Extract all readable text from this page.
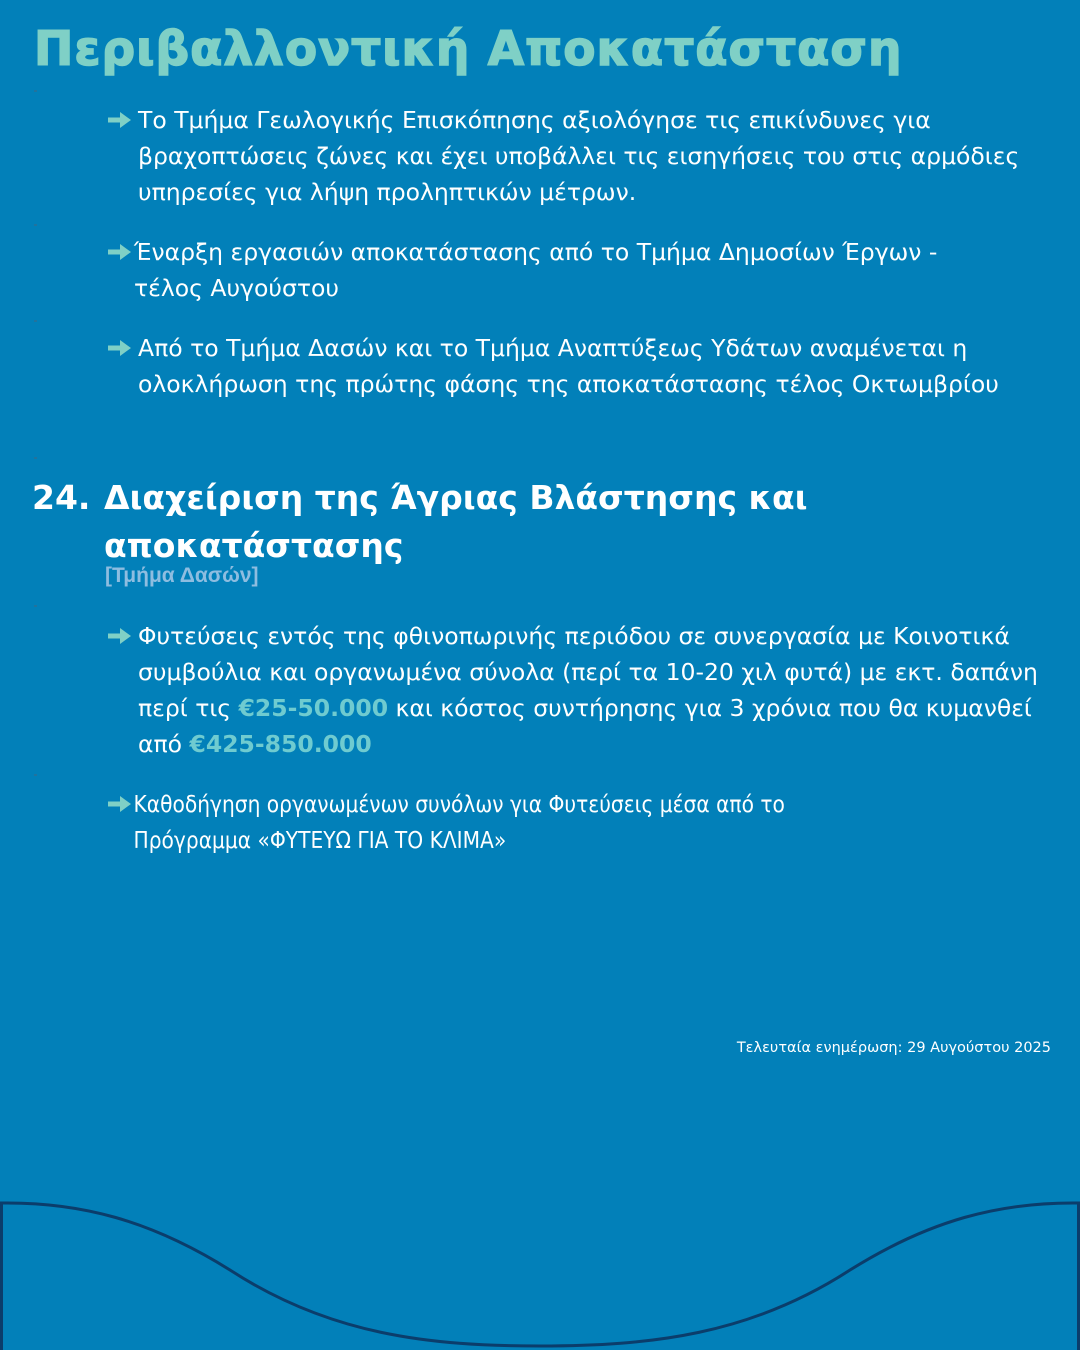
Περιβαλλοντική Αποκατάσταση
Το Τμήμα Γεωλογικής Επισκόπησης αξιολόγησε τις επικίνδυνες για βραχοπτώσεις ζώνες και έχει υποβάλλει τις εισηγήσεις του στις αρμόδιες υπηρεσίες για λήψη προληπτικών μέτρων.
Έναρξη εργασιών αποκατάστασης από το Τμήμα Δημοσίων Έργων - τέλος Αυγούστου
Από το Τμήμα Δασών και το Τμήμα Αναπτύξεως Υδάτων αναμένεται η ολοκλήρωση της πρώτης φάσης της αποκατάστασης τέλος Οκτωμβρίου
24. Διαχείριση της Άγριας Βλάστησης και
αποκατάστασης
[Τμήμα Δασών]
Φυτεύσεις εντός της φθινοπωρινής περιόδου σε συνεργασία με Κοινοτικά συμβούλια και οργανωμένα σύνολα (περί τα 10-20 χιλ φυτά) με εκτ. δαπάνη περί τις €25-50.000 και κόστος συντήρησης για 3 χρόνια που θα κυμανθεί από €425-850.000
Καθοδήγηση οργανωμένων συνόλων για Φυτεύσεις μέσα από το
Πρόγραμμα «ΦΥΤΕΥΩ ΓΙΑ ΤΟ ΚΛΙΜΑ»
Τελευταία ενημέρωση: 29 Αυγούστου 2025
